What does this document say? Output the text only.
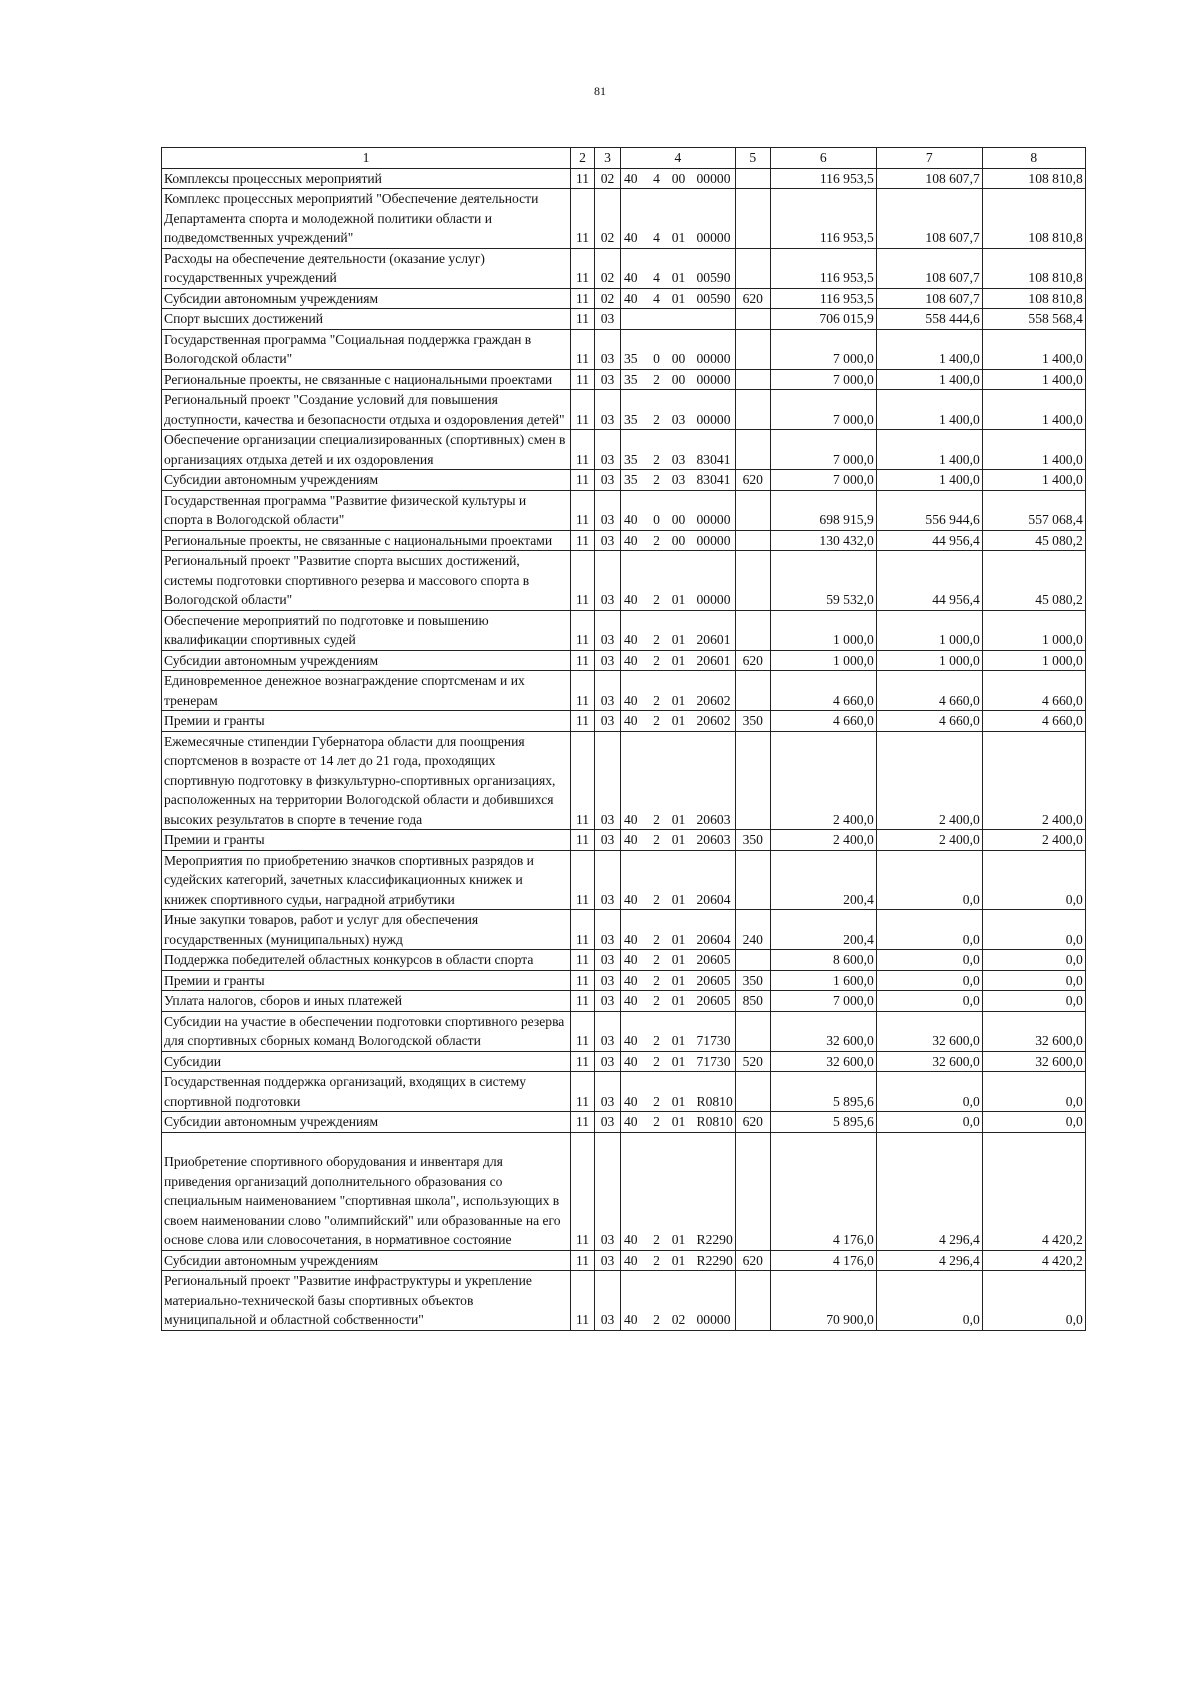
81
1	2	3	4				5	6	7	8
Комплексы процессных мероприятий	11	02	40	4	00	00000		116 953,5	108 607,7	108 810,8
Комплекс процессных мероприятий "Обеспечение деятельности Департамента спорта и молодежной политики области и подведомственных учреждений"	11	02	40	4	01	00000		116 953,5	108 607,7	108 810,8
Расходы на обеспечение деятельности (оказание услуг) государственных учреждений	11	02	40	4	01	00590		116 953,5	108 607,7	108 810,8
Субсидии автономным учреждениям	11	02	40	4	01	00590	620	116 953,5	108 607,7	108 810,8
Спорт высших достижений	11	03						706 015,9	558 444,6	558 568,4
Государственная программа "Социальная поддержка граждан в Вологодской области"	11	03	35	0	00	00000		7 000,0	1 400,0	1 400,0
Региональные проекты, не связанные с национальными проектами	11	03	35	2	00	00000		7 000,0	1 400,0	1 400,0
Региональный проект "Создание условий для повышения доступности, качества и безопасности отдыха и оздоровления детей"	11	03	35	2	03	00000		7 000,0	1 400,0	1 400,0
Обеспечение организации специализированных (спортивных) смен в организациях отдыха детей и их оздоровления	11	03	35	2	03	83041		7 000,0	1 400,0	1 400,0
Субсидии автономным учреждениям	11	03	35	2	03	83041	620	7 000,0	1 400,0	1 400,0
Государственная программа "Развитие физической культуры и спорта в Вологодской области"	11	03	40	0	00	00000		698 915,9	556 944,6	557 068,4
Региональные проекты, не связанные с национальными проектами	11	03	40	2	00	00000		130 432,0	44 956,4	45 080,2
Региональный проект "Развитие спорта высших достижений, системы подготовки спортивного резерва и массового спорта в Вологодской области"	11	03	40	2	01	00000		59 532,0	44 956,4	45 080,2
Обеспечение мероприятий по подготовке и повышению квалификации спортивных судей	11	03	40	2	01	20601		1 000,0	1 000,0	1 000,0
Субсидии автономным учреждениям	11	03	40	2	01	20601	620	1 000,0	1 000,0	1 000,0
Единовременное денежное вознаграждение спортсменам и их тренерам	11	03	40	2	01	20602		4 660,0	4 660,0	4 660,0
Премии и гранты	11	03	40	2	01	20602	350	4 660,0	4 660,0	4 660,0
Ежемесячные стипендии Губернатора области для поощрения спортсменов в возрасте от 14 лет до 21 года, проходящих спортивную подготовку в физкультурно-спортивных организациях, расположенных на территории Вологодской области и добившихся высоких результатов в спорте в течение года	11	03	40	2	01	20603		2 400,0	2 400,0	2 400,0
Премии и гранты	11	03	40	2	01	20603	350	2 400,0	2 400,0	2 400,0
Мероприятия по приобретению значков спортивных разрядов и судейских категорий, зачетных классификационных книжек и книжек спортивного судьи, наградной атрибутики	11	03	40	2	01	20604		200,4	0,0	0,0
Иные закупки товаров, работ и услуг для обеспечения государственных (муниципальных) нужд	11	03	40	2	01	20604	240	200,4	0,0	0,0
Поддержка победителей областных конкурсов в области спорта	11	03	40	2	01	20605		8 600,0	0,0	0,0
Премии и гранты	11	03	40	2	01	20605	350	1 600,0	0,0	0,0
Уплата налогов, сборов и иных платежей	11	03	40	2	01	20605	850	7 000,0	0,0	0,0
Субсидии на участие в обеспечении подготовки спортивного резерва для спортивных сборных команд Вологодской области	11	03	40	2	01	71730		32 600,0	32 600,0	32 600,0
Субсидии	11	03	40	2	01	71730	520	32 600,0	32 600,0	32 600,0
Государственная поддержка организаций, входящих в систему спортивной подготовки	11	03	40	2	01	R0810		5 895,6	0,0	0,0
Субсидии автономным учреждениям	11	03	40	2	01	R0810	620	5 895,6	0,0	0,0

Приобретение спортивного оборудования и инвентаря для приведения организаций дополнительного образования со специальным наименованием "спортивная школа", использующих в своем наименовании слово "олимпийский" или образованные на его основе слова или словосочетания, в нормативное состояние	11	03	40	2	01	R2290		4 176,0	4 296,4	4 420,2
Субсидии автономным учреждениям	11	03	40	2	01	R2290	620	4 176,0	4 296,4	4 420,2
Региональный проект "Развитие инфраструктуры и укрепление материально-технической базы спортивных объектов муниципальной и областной собственности"	11	03	40	2	02	00000		70 900,0	0,0	0,0
